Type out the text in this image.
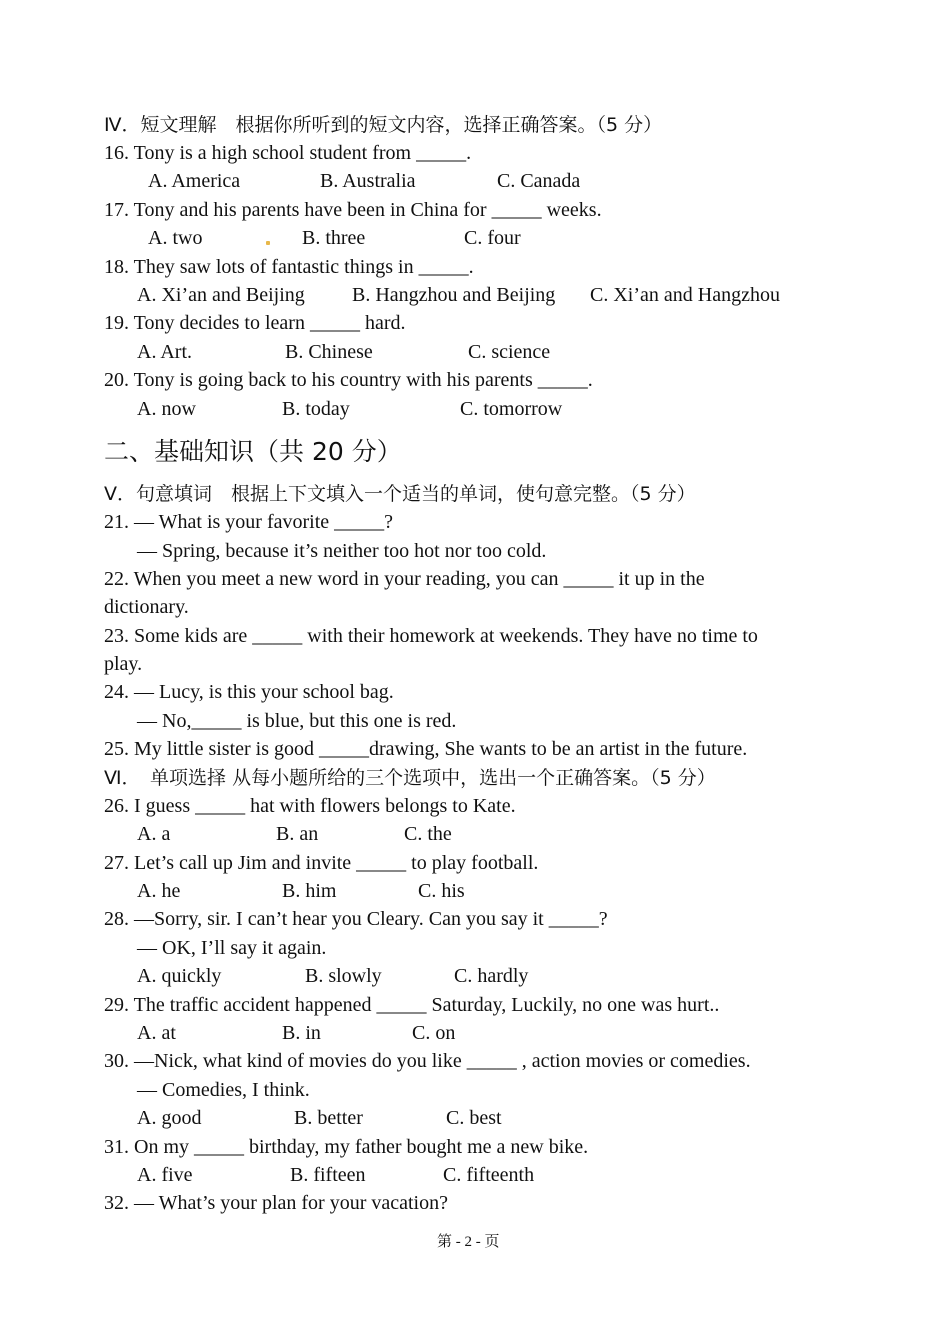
Ⅳ．短文理解　根据你所听到的短文内容，选择正确答案。（5 分）
16. Tony is a high school student from _____.
A. America	B. Australia	C. Canada
17. Tony and his parents have been in China for _____ weeks.
A. two	B. three	C. four
18. They saw lots of fantastic things in _____.
A. Xi’an and Beijing B. Hangzhou and Beijing C. Xi’an and Hangzhou
19. Tony decides to learn _____ hard.
A. Art.	B. Chinese	C. science
20. Tony is going back to his country with his parents _____.
A. now	B. today	C. tomorrow
二、基础知识（共 20 分）
Ⅴ．句意填词　根据上下文填入一个适当的单词，使句意完整。（5 分）
21. — What is your favorite _____?
— Spring, because it’s neither too hot nor too cold.
22. When you meet a new word in your reading, you can _____ it up in the
dictionary.
23. Some kids are _____ with their homework at weekends. They have no time to
play.
24. — Lucy, is this your school bag.
— No,_____ is blue, but this one is red.
25. My little sister is good _____drawing, She wants to be an artist in the future.
Ⅵ．　单项选择 从每小题所给的三个选项中，选出一个正确答案。（5 分）
26. I guess _____ hat with flowers belongs to Kate.
A. a	B. an	C. the
27. Let’s call up Jim and invite _____ to play football.
A. he	B. him	C. his
28. —Sorry, sir. I can’t hear you Cleary. Can you say it _____?
— OK, I’ll say it again.
A. quickly	B. slowly	C. hardly
29. The traffic accident happened _____ Saturday, Luckily, no one was hurt..
A. at	B. in	C. on
30. —Nick, what kind of movies do you like _____ , action movies or comedies.
— Comedies, I think.
A. good	B. better	C. best
31. On my _____ birthday, my father bought me a new bike.
A. five	B. fifteen	C. fifteenth
32. — What’s your plan for your vacation?
第 - 2 - 页
